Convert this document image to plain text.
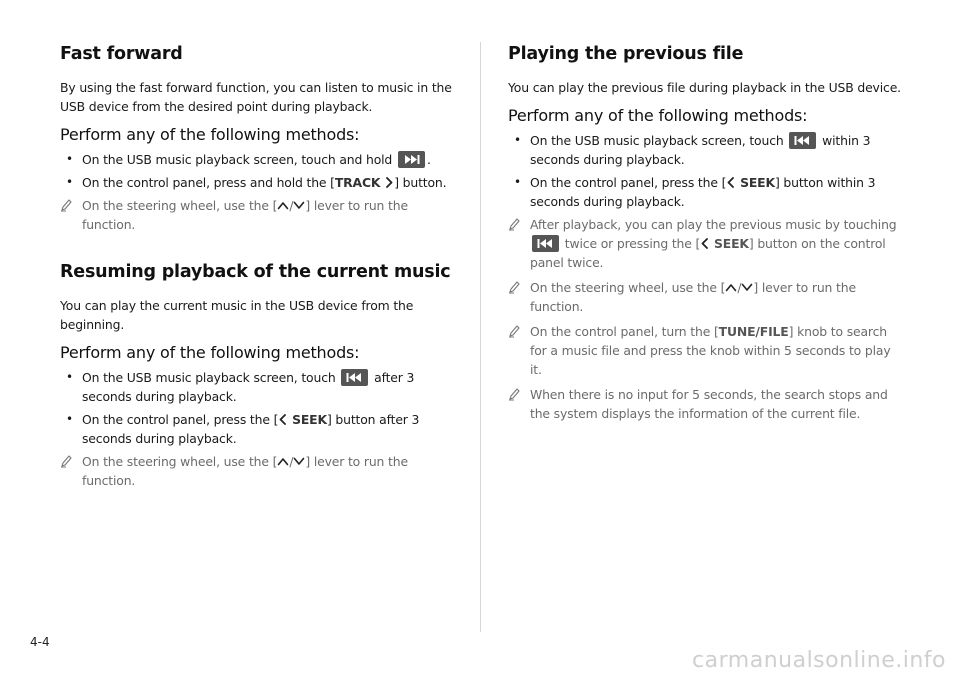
Fast forward

By using the fast forward function, you can listen to music in the USB device from the desired point during playback.

Perform any of the following methods:
• On the USB music playback screen, touch and hold	.
• On the control panel, press and hold the [TRACK ] button.
On the steering wheel, use the [ / ] lever to run the function.
Resuming playback of the current music

You can play the current music in the USB device from the beginning.

Perform any of the following methods:
• On the USB music playback screen, touch	after 3 seconds during playback.
• On the control panel, press the [ SEEK] button after 3 seconds during playback.
On the steering wheel, use the [ / ] lever to run the function.
Playing the previous file

You can play the previous file during playback in the USB device.

Perform any of the following methods:
• On the USB music playback screen, touch	within 3 seconds during playback.
• On the control panel, press the [ SEEK] button within 3 seconds during playback.
After playback, you can play the previous music by touching
twice or pressing the [ SEEK] button on the control panel twice.
On the steering wheel, use the [ / ] lever to run the function.
On the control panel, turn the [TUNE/FILE] knob to search for a music file and press the knob within 5 seconds to play it.
When there is no input for 5 seconds, the search stops and the system displays the information of the current file.
4-4
carmanualsonline.info
